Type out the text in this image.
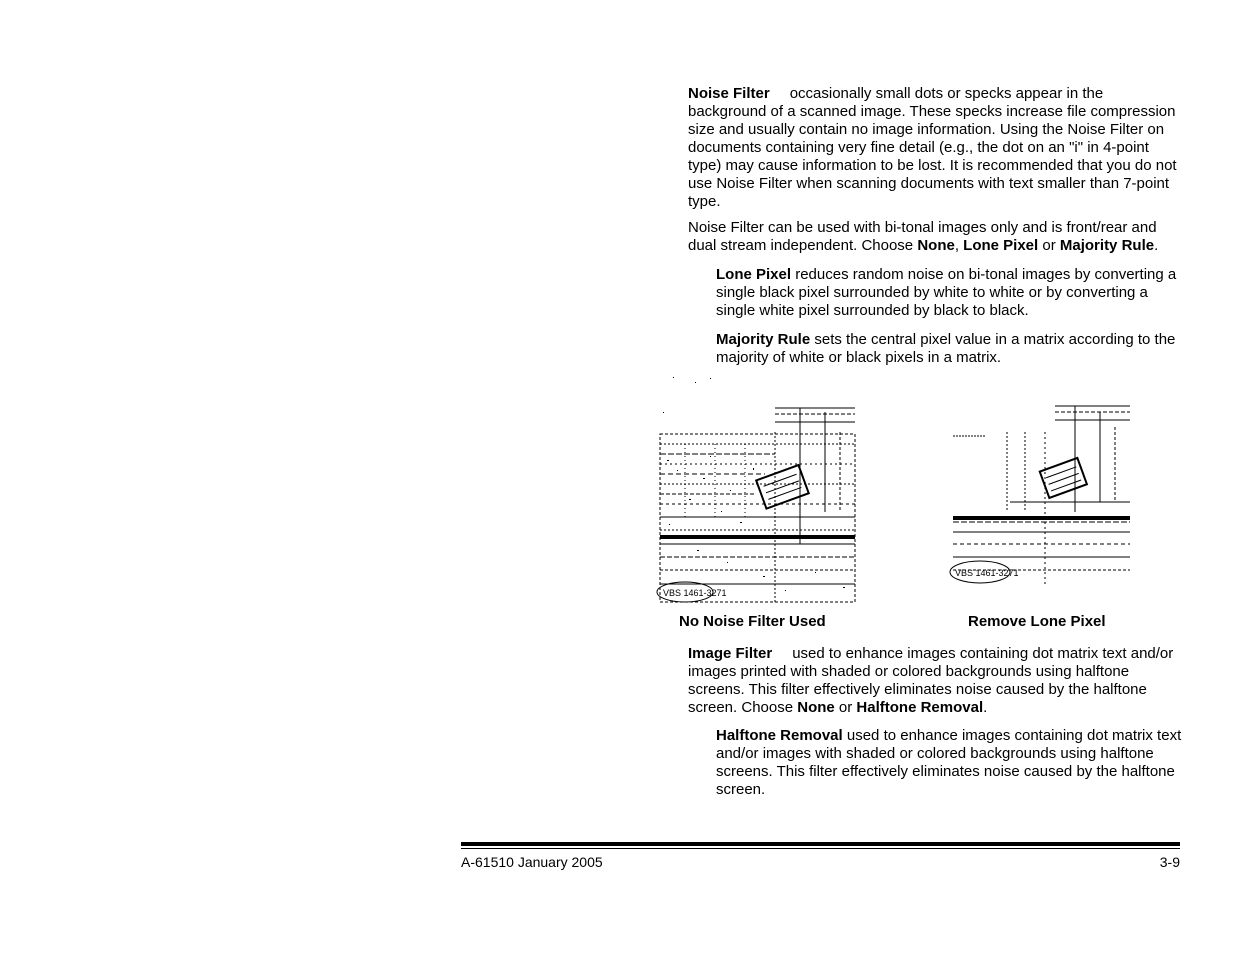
Noise Filter occasionally small dots or specks appear in the background of a scanned image. These specks increase file compression size and usually contain no image information. Using the Noise Filter on documents containing very fine detail (e.g., the dot on an "i" in 4-point type) may cause information to be lost. It is recommended that you do not use Noise Filter when scanning documents with text smaller than 7-point type.

Noise Filter can be used with bi-tonal images only and is front/rear and dual stream independent. Choose None, Lone Pixel or Majority Rule.

Lone Pixel reduces random noise on bi-tonal images by converting a single black pixel surrounded by white to white or by converting a single white pixel surrounded by black to black.

Majority Rule sets the central pixel value in a matrix according to the majority of white or black pixels in a matrix.

VBS 1461-3271
VBS 1461-3271
No Noise Filter Used	Remove Lone Pixel

Image Filter used to enhance images containing dot matrix text and/or images printed with shaded or colored backgrounds using halftone screens. This filter effectively eliminates noise caused by the halftone screen. Choose None or Halftone Removal.

Halftone Removal used to enhance images containing dot matrix text and/or images with shaded or colored backgrounds using halftone screens. This filter effectively eliminates noise caused by the halftone screen.

A-61510 January 2005	3-9
